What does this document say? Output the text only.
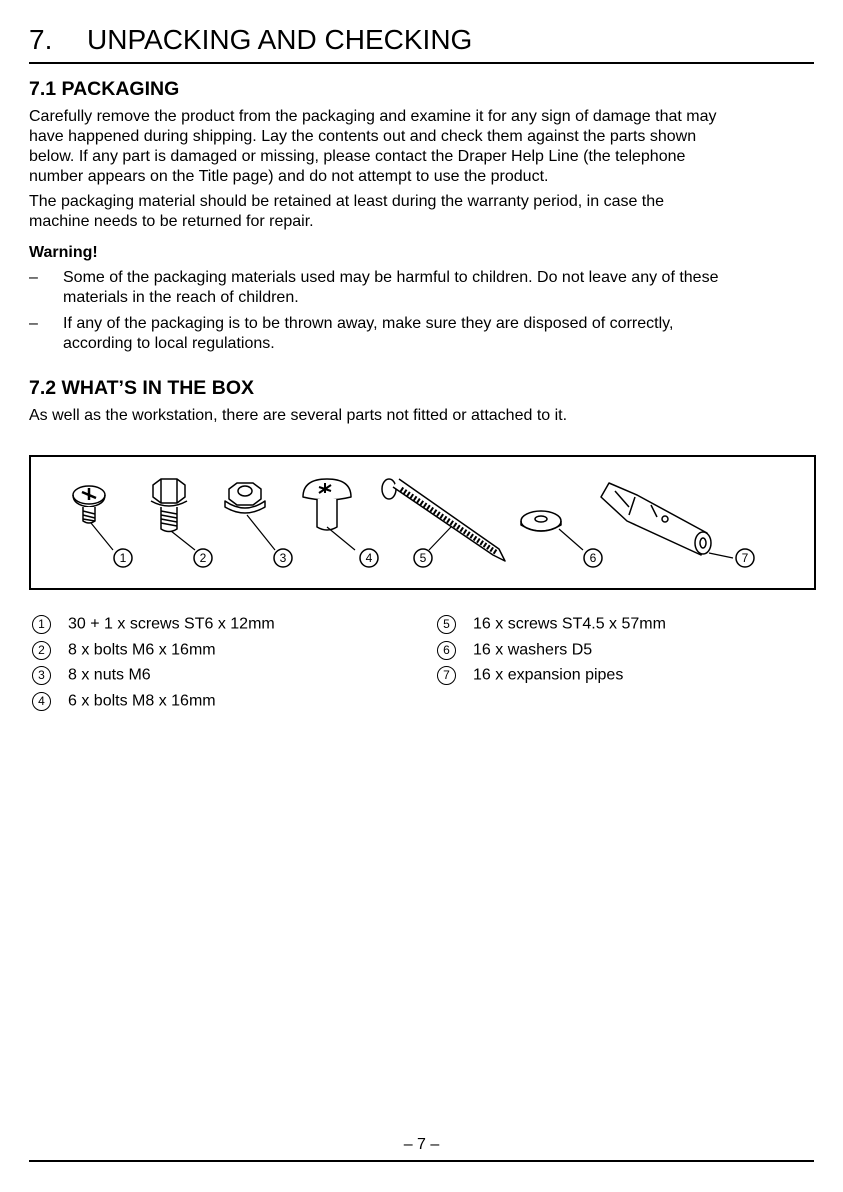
7. UNPACKING AND CHECKING
7.1 PACKAGING
Carefully remove the product from the packaging and examine it for any sign of damage that may
have happened during shipping. Lay the contents out and check them against the parts shown
below. If any part is damaged or missing, please contact the Draper Help Line (the telephone
number appears on the Title page) and do not attempt to use the product.
The packaging material should be retained at least during the warranty period, in case the
machine needs to be returned for repair.
Warning!
– Some of the packaging materials used may be harmful to children. Do not leave any of these
materials in the reach of children.
– If any of the packaging is to be thrown away, make sure they are disposed of correctly,
according to local regulations.
7.2 WHAT’S IN THE BOX
As well as the workstation, there are several parts not fitted or attached to it.
1	2	3	4	5	6	7
1 30 + 1 x screws ST6 x 12mm
2 8 x bolts M6 x 16mm
3 8 x nuts M6
4 6 x bolts M8 x 16mm
5 16 x screws ST4.5 x 57mm
6 16 x washers D5
7 16 x expansion pipes
– 7 –
